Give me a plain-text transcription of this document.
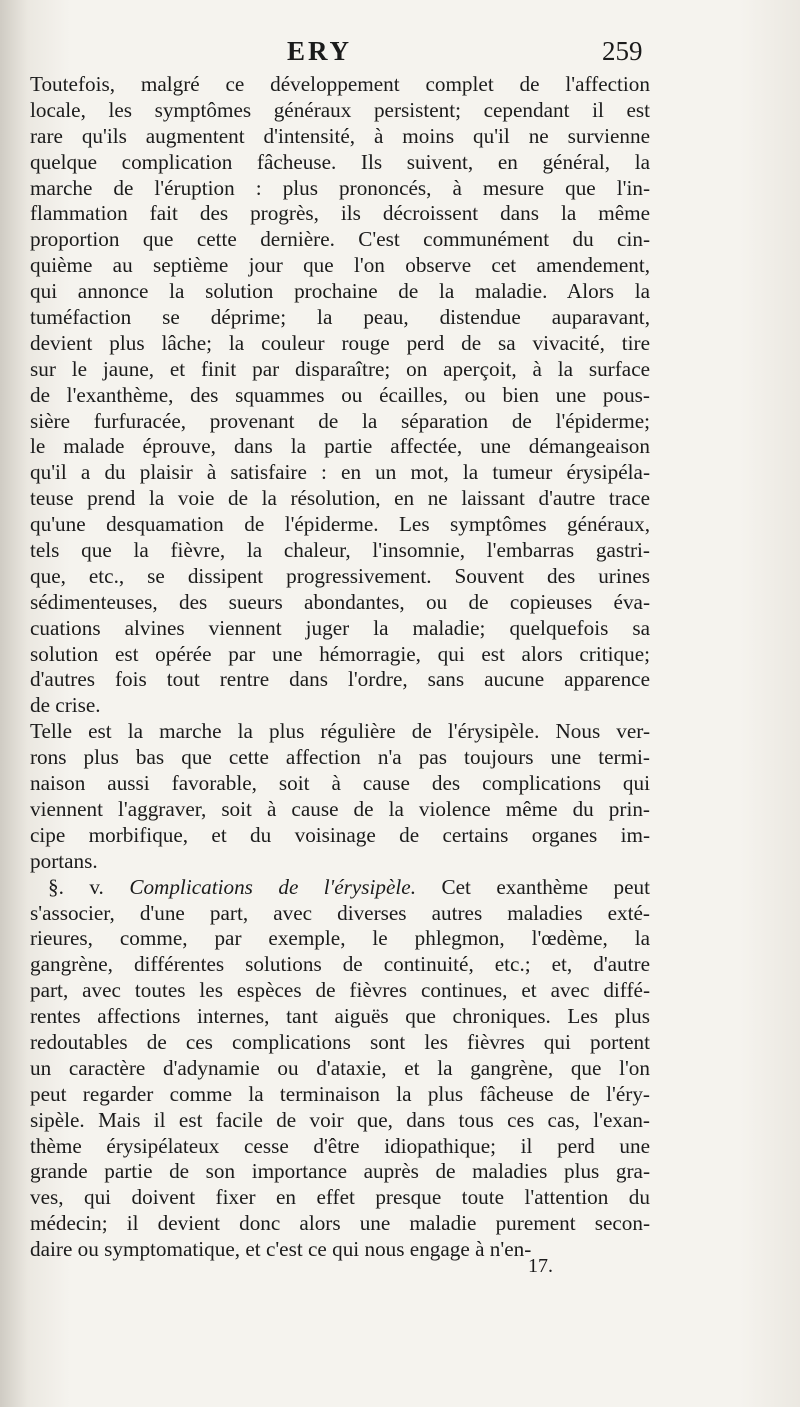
ERY	259
Toutefois, malgré ce développement complet de l'affection
locale, les symptômes généraux persistent; cependant il est
rare qu'ils augmentent d'intensité, à moins qu'il ne survienne
quelque complication fâcheuse. Ils suivent, en général, la
marche de l'éruption : plus prononcés, à mesure que l'in-
flammation fait des progrès, ils décroissent dans la même
proportion que cette dernière. C'est communément du cin-
quième au septième jour que l'on observe cet amendement,
qui annonce la solution prochaine de la maladie. Alors la
tuméfaction se déprime; la peau, distendue auparavant,
devient plus lâche; la couleur rouge perd de sa vivacité, tire
sur le jaune, et finit par disparaître; on aperçoit, à la surface
de l'exanthème, des squammes ou écailles, ou bien une pous-
sière furfuracée, provenant de la séparation de l'épiderme;
le malade éprouve, dans la partie affectée, une démangeaison
qu'il a du plaisir à satisfaire : en un mot, la tumeur érysipéla-
teuse prend la voie de la résolution, en ne laissant d'autre trace
qu'une desquamation de l'épiderme. Les symptômes généraux,
tels que la fièvre, la chaleur, l'insomnie, l'embarras gastri-
que, etc., se dissipent progressivement. Souvent des urines
sédimenteuses, des sueurs abondantes, ou de copieuses éva-
cuations alvines viennent juger la maladie; quelquefois sa
solution est opérée par une hémorragie, qui est alors critique;
d'autres fois tout rentre dans l'ordre, sans aucune apparence
de crise.
Telle est la marche la plus régulière de l'érysipèle. Nous ver-
rons plus bas que cette affection n'a pas toujours une termi-
naison aussi favorable, soit à cause des complications qui
viennent l'aggraver, soit à cause de la violence même du prin-
cipe morbifique, et du voisinage de certains organes im-
portans.
§. v. Complications de l'érysipèle. Cet exanthème peut
s'associer, d'une part, avec diverses autres maladies exté-
rieures, comme, par exemple, le phlegmon, l'œdème, la
gangrène, différentes solutions de continuité, etc.; et, d'autre
part, avec toutes les espèces de fièvres continues, et avec diffé-
rentes affections internes, tant aiguës que chroniques. Les plus
redoutables de ces complications sont les fièvres qui portent
un caractère d'adynamie ou d'ataxie, et la gangrène, que l'on
peut regarder comme la terminaison la plus fâcheuse de l'éry-
sipèle. Mais il est facile de voir que, dans tous ces cas, l'exan-
thème érysipélateux cesse d'être idiopathique; il perd une
grande partie de son importance auprès de maladies plus gra-
ves, qui doivent fixer en effet presque toute l'attention du
médecin; il devient donc alors une maladie purement secon-
daire ou symptomatique, et c'est ce qui nous engage à n'en-
17.
